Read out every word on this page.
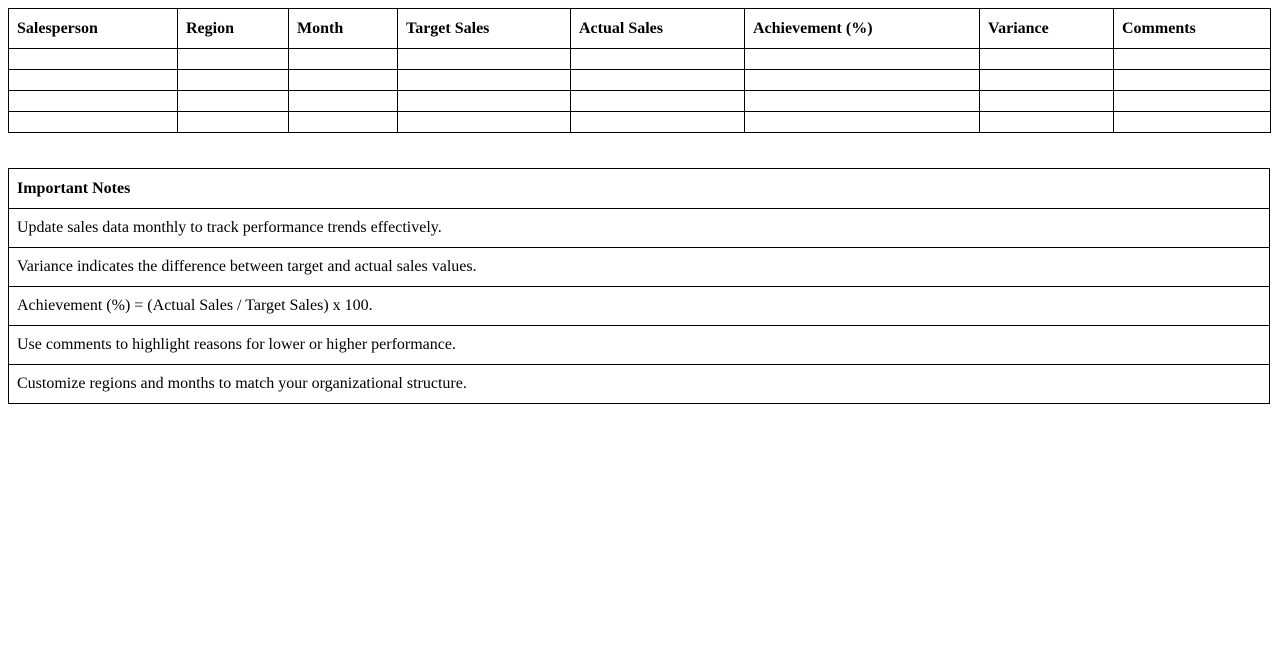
Salesperson	Region	Month	Target Sales	Actual Sales	Achievement (%)	Variance	Comments

Important Notes
Update sales data monthly to track performance trends effectively.
Variance indicates the difference between target and actual sales values.
Achievement (%) = (Actual Sales / Target Sales) x 100.
Use comments to highlight reasons for lower or higher performance.
Customize regions and months to match your organizational structure.
